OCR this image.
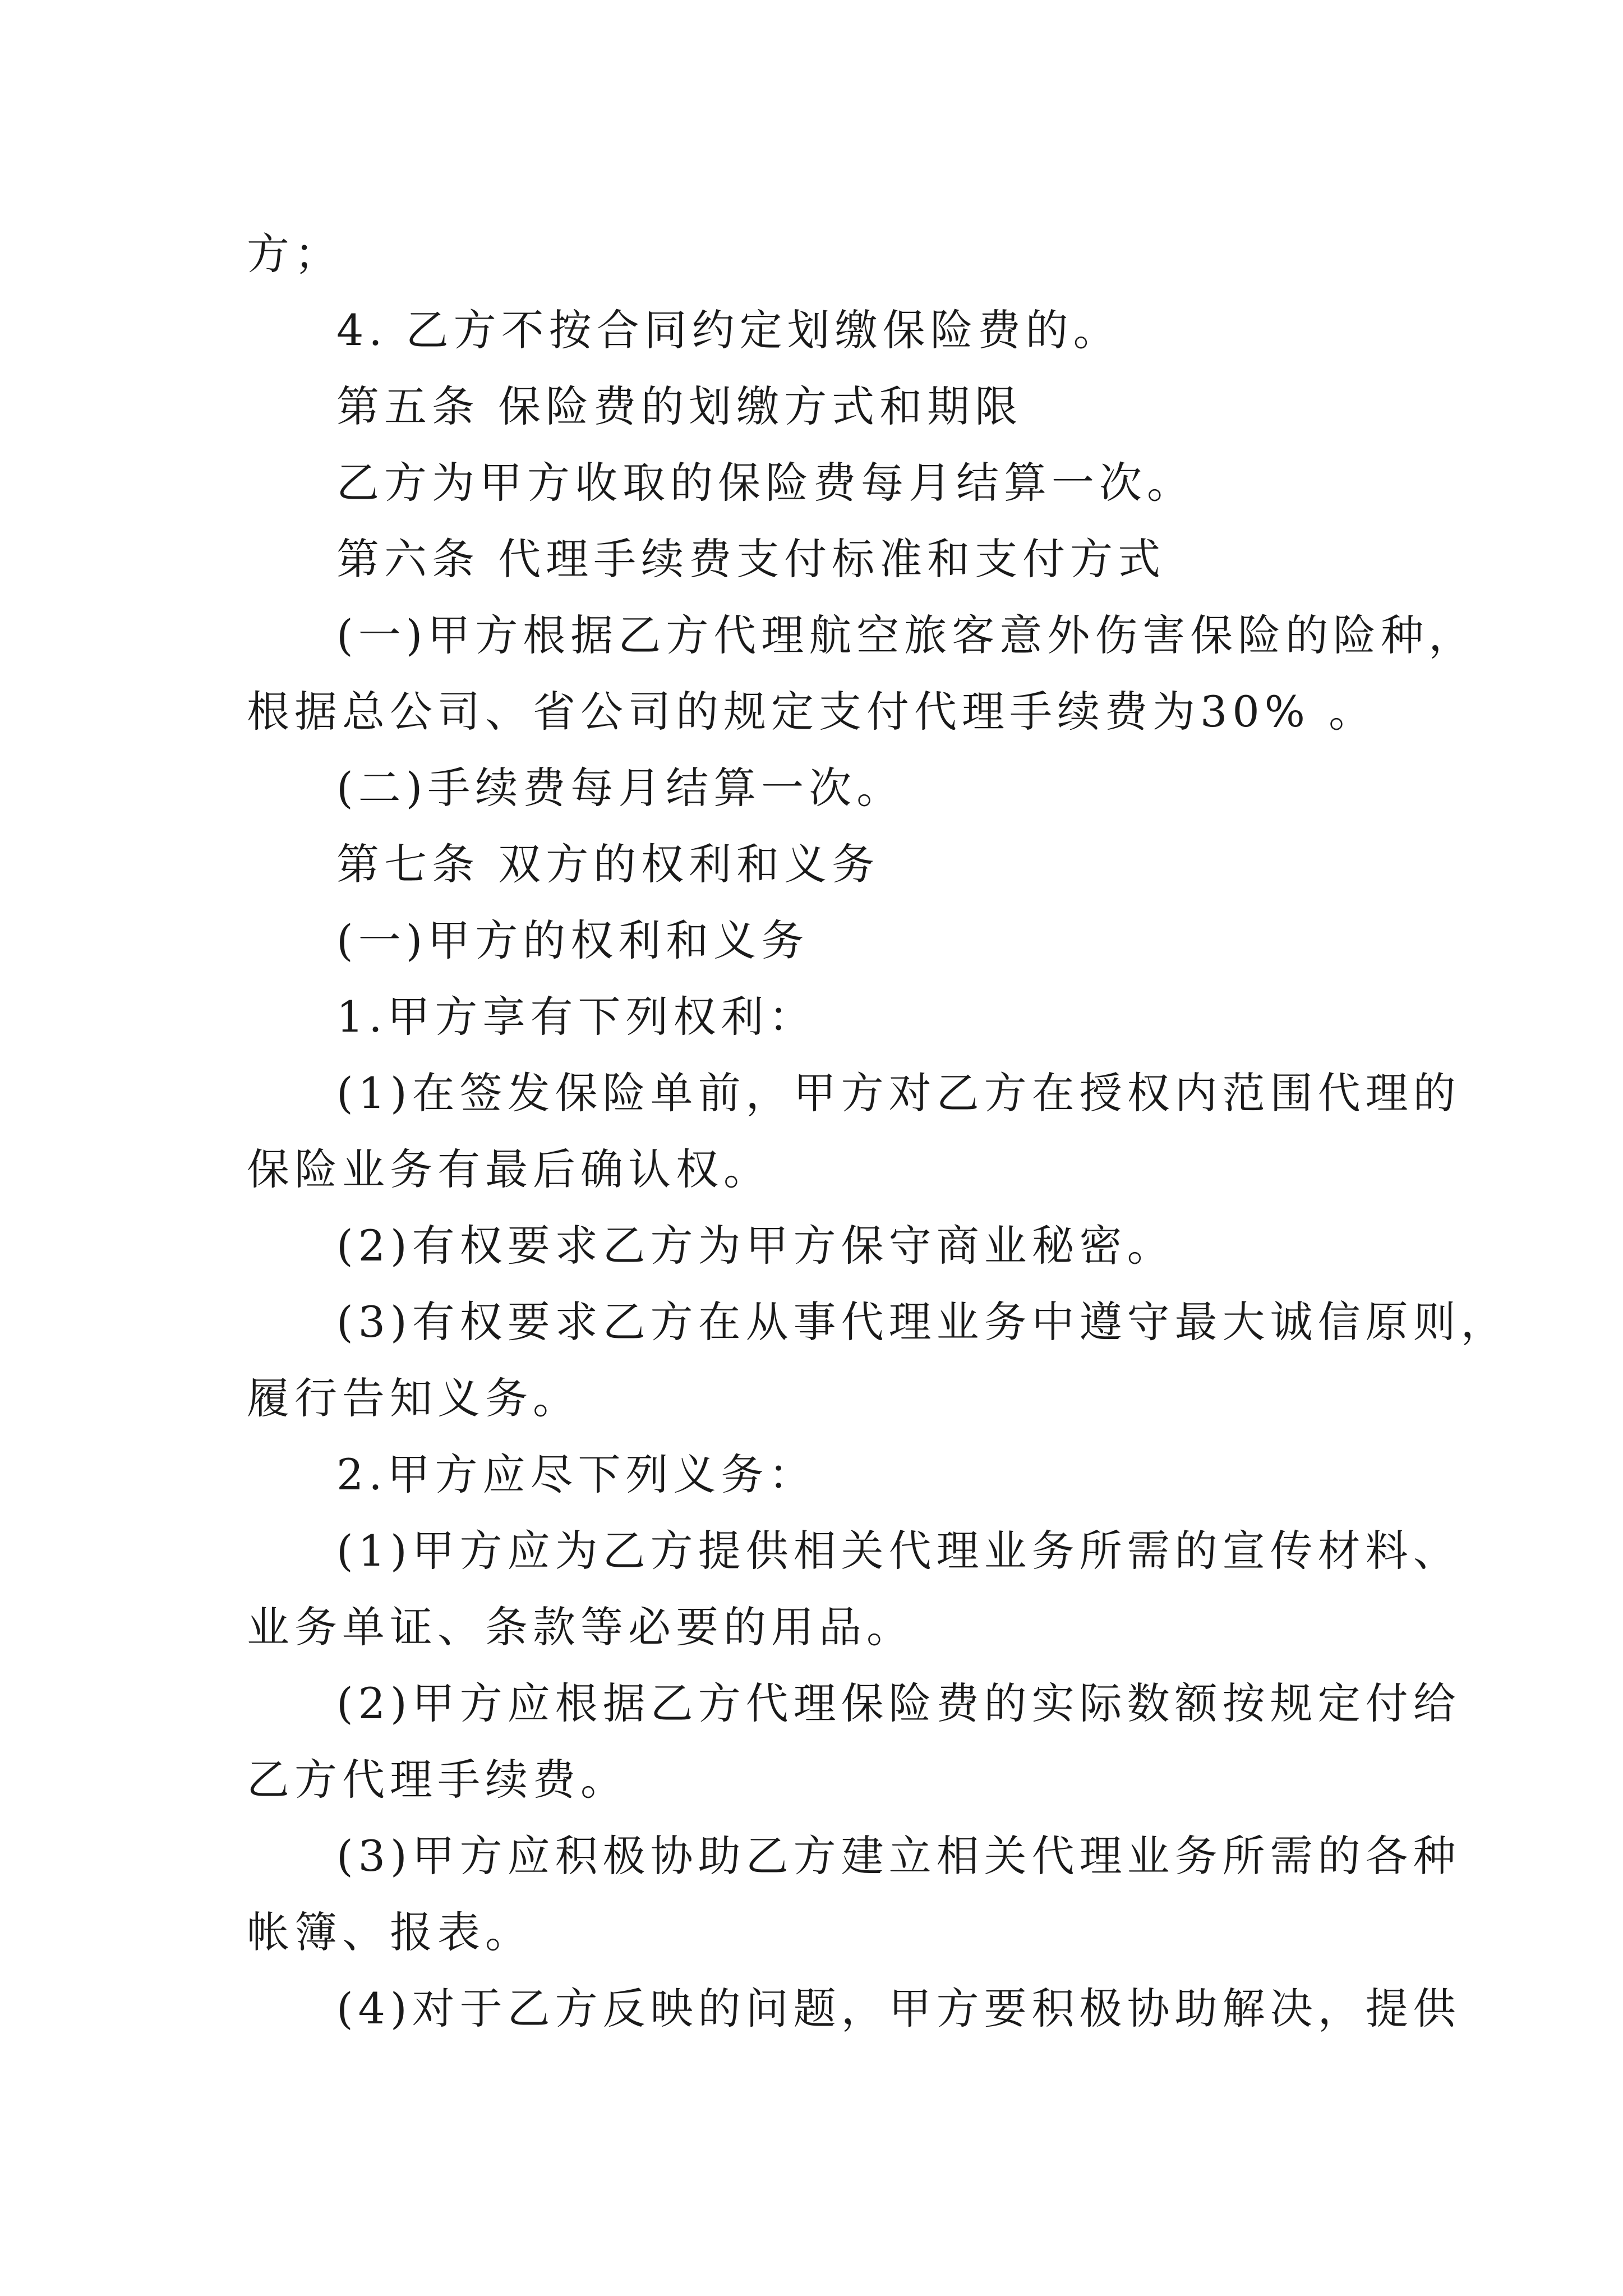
方；

4. 乙方不按合同约定划缴保险费的。

第五条 保险费的划缴方式和期限

乙方为甲方收取的保险费每月结算一次。

第六条 代理手续费支付标准和支付方式

(一)甲方根据乙方代理航空旅客意外伤害保险的险种，

根据总公司、省公司的规定支付代理手续费为30% 。

(二)手续费每月结算一次。

第七条 双方的权利和义务

(一)甲方的权利和义务

1.甲方享有下列权利：

(1)在签发保险单前，甲方对乙方在授权内范围代理的

保险业务有最后确认权。

(2)有权要求乙方为甲方保守商业秘密。

(3)有权要求乙方在从事代理业务中遵守最大诚信原则，

履行告知义务。

2.甲方应尽下列义务：

(1)甲方应为乙方提供相关代理业务所需的宣传材料、

业务单证、条款等必要的用品。

(2)甲方应根据乙方代理保险费的实际数额按规定付给

乙方代理手续费。

(3)甲方应积极协助乙方建立相关代理业务所需的各种

帐簿、报表。

(4)对于乙方反映的问题，甲方要积极协助解决，提供
